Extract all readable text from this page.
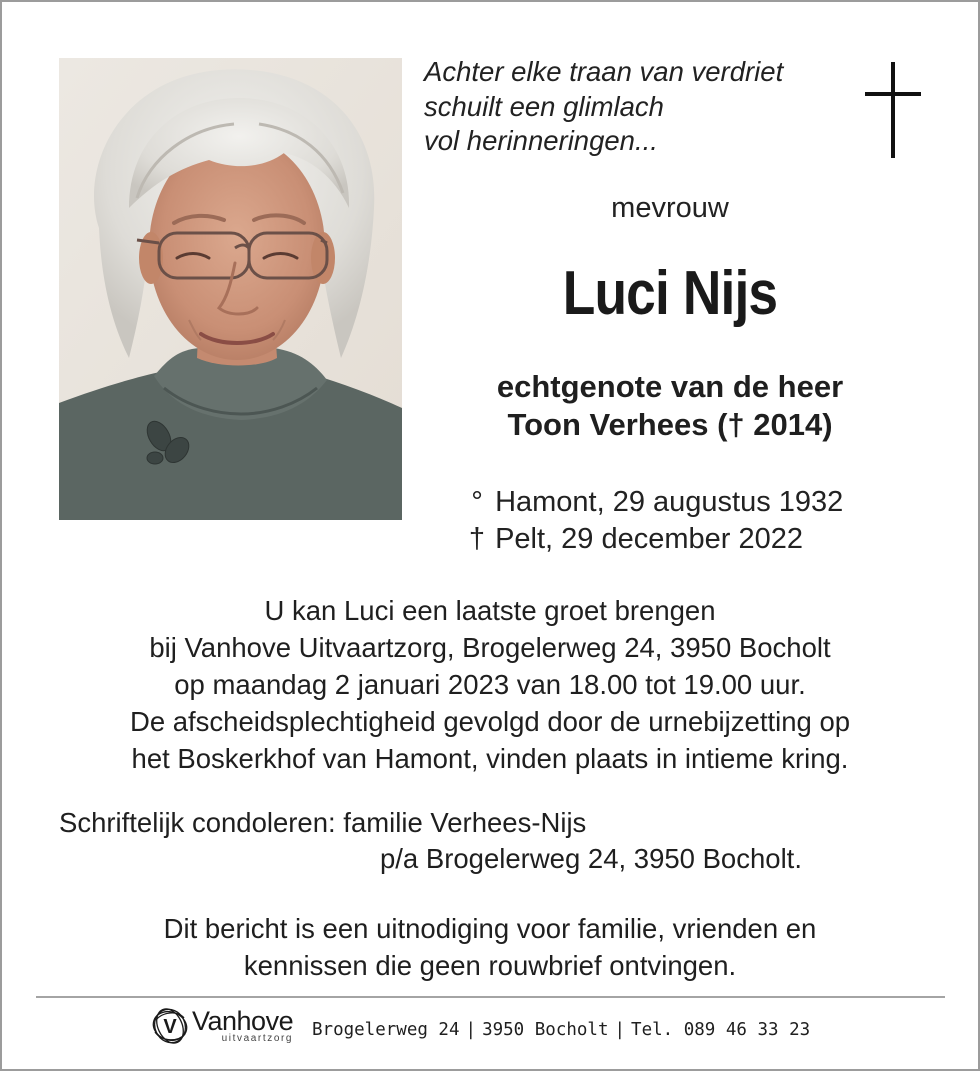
Achter elke traan van verdriet
schuilt een glimlach
vol herinneringen...
mevrouw
Luci Nijs
echtgenote van de heer
Toon Verhees († 2014)
° Hamont, 29 augustus 1932
† Pelt, 29 december 2022
U kan Luci een laatste groet brengen
bij Vanhove Uitvaartzorg, Brogelerweg 24, 3950 Bocholt
op maandag 2 januari 2023 van 18.00 tot 19.00 uur.
De afscheidsplechtigheid gevolgd door de urnebijzetting op
het Boskerkhof van Hamont, vinden plaats in intieme kring.
Schriftelijk condoleren: familie Verhees-Nijs
p/a Brogelerweg 24, 3950 Bocholt.
Dit bericht is een uitnodiging voor familie, vrienden en
kennissen die geen rouwbrief ontvingen.
V Vanhove
uitvaartzorg Brogelerweg 24 | 3950 Bocholt | Tel. 089 46 33 23
